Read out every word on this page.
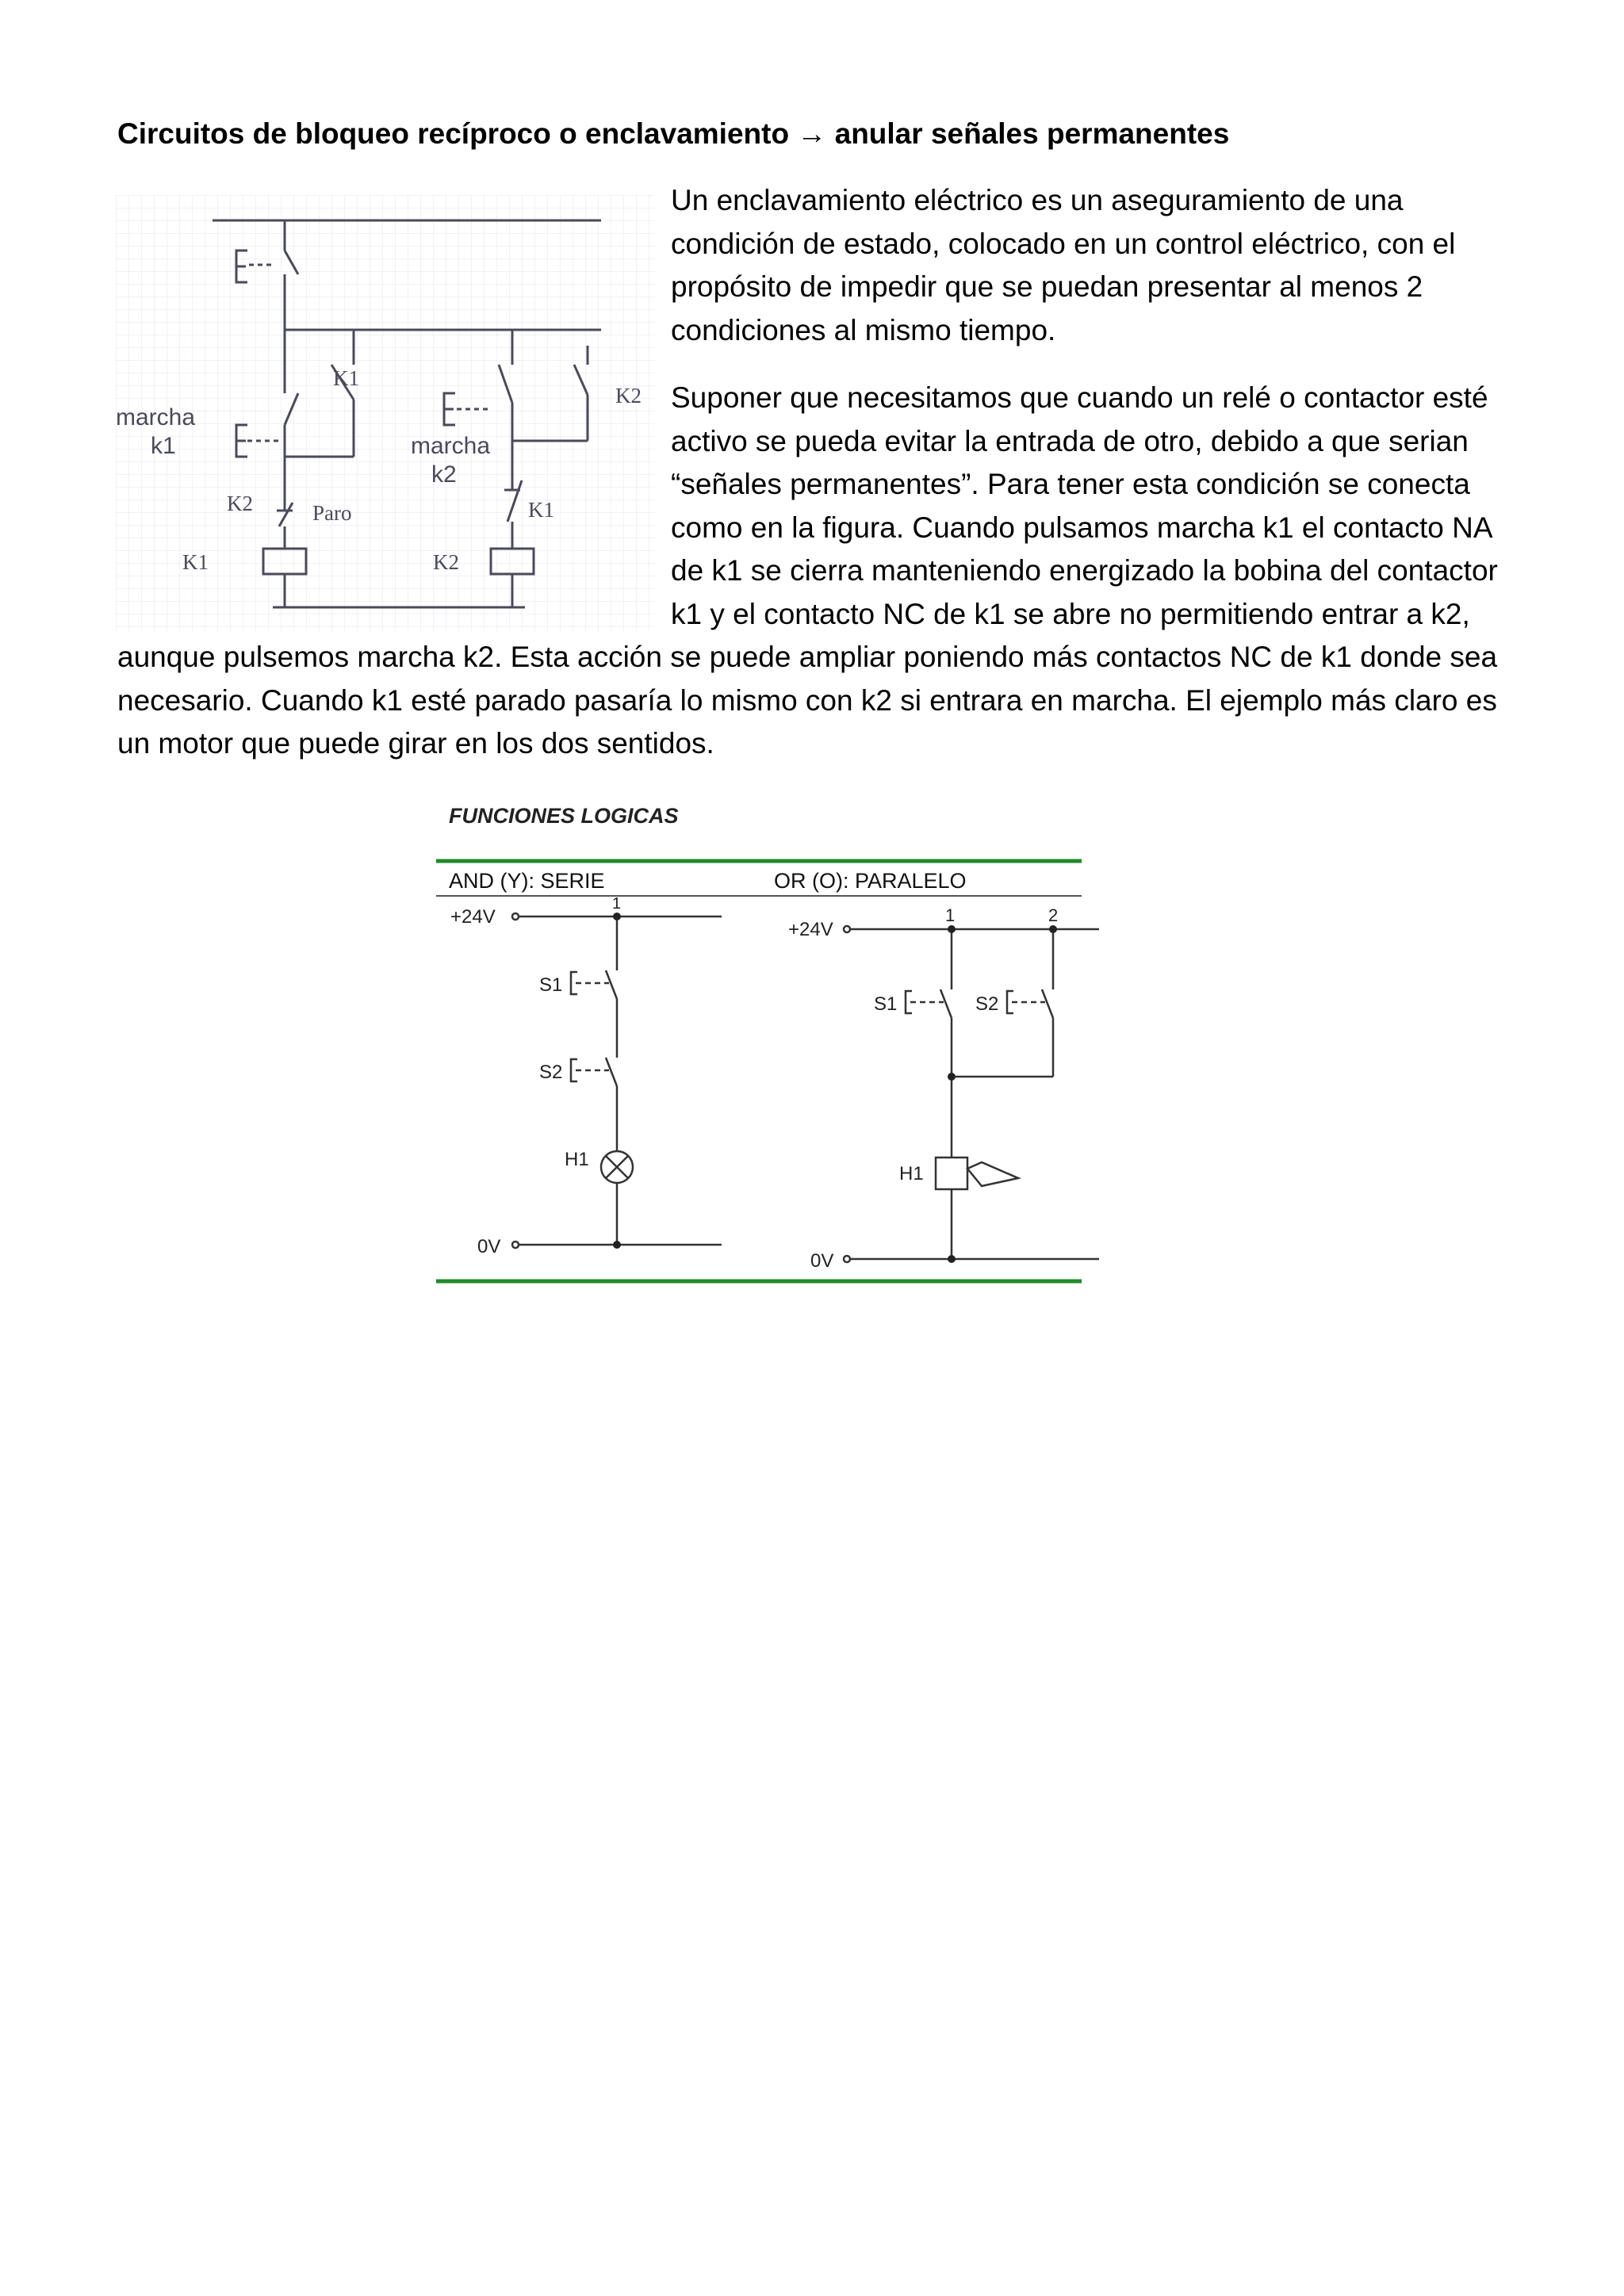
Circuitos de bloqueo recíproco o enclavamiento → anular señales permanentes
marcha
k1	marcha
k2
K1
K2
K2	Paro
K1	K2
K1

Un enclavamiento eléctrico es un aseguramiento de una

condición de estado, colocado en un control eléctrico, con el

propósito de impedir que se puedan presentar al menos 2

condiciones al mismo tiempo.

Suponer que necesitamos que cuando un relé o contactor esté

activo se pueda evitar la entrada de otro, debido a que serian

“señales permanentes”. Para tener esta condición se conecta

como en la figura. Cuando pulsamos marcha k1 el contacto NA

de k1 se cierra manteniendo energizado la bobina del contactor

k1 y el contacto NC de k1 se abre no permitiendo entrar a k2,

aunque pulsemos marcha k2. Esta acción se puede ampliar poniendo más contactos NC de k1 donde sea

necesario. Cuando k1 esté parado pasaría lo mismo con k2 si entrara en marcha. El ejemplo más claro es

un motor que puede girar en los dos sentidos.

FUNCIONES LOGICAS
AND (Y): SERIE	OR (O): PARALELO
+24V
1
S1
S2
H1
0V
+24V
1	2
S1	S2
H1
0V
